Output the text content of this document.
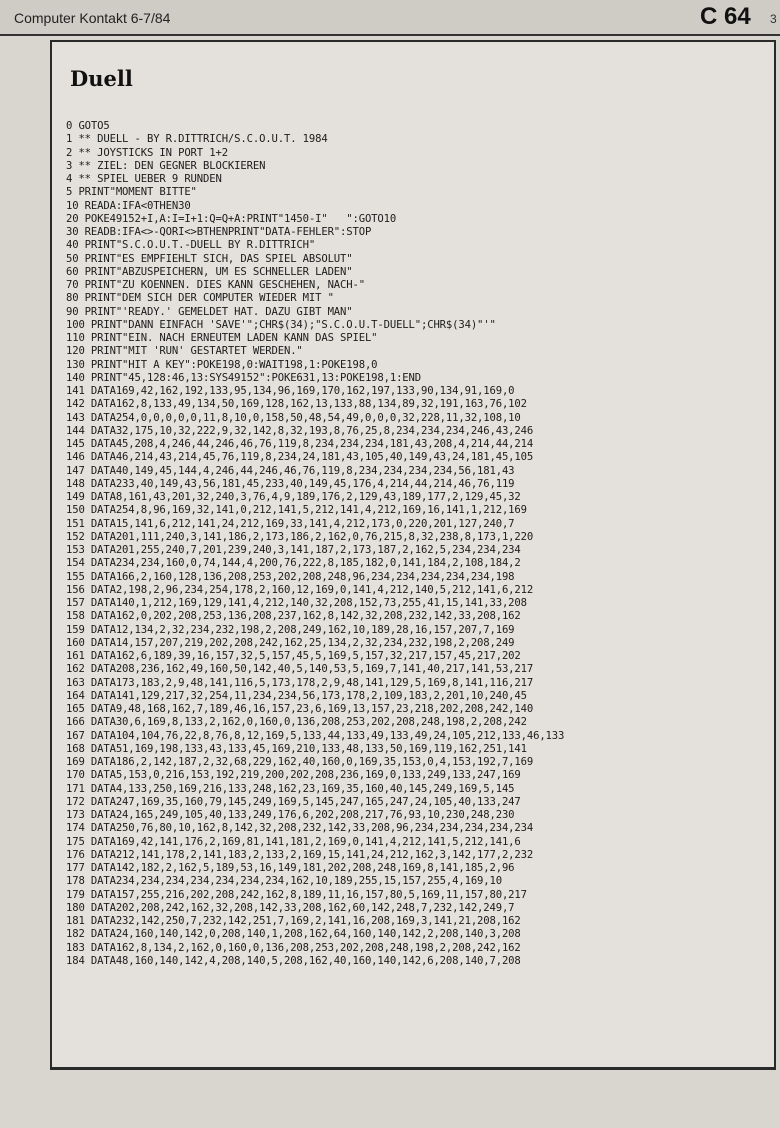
Computer Kontakt 6-7/84	C 64 3
Duell
0 GOTO5
1 ** DUELL - BY R.DITTRICH/S.C.O.U.T. 1984
2 ** JOYSTICKS IN PORT 1+2
3 ** ZIEL: DEN GEGNER BLOCKIEREN
4 ** SPIEL UEBER 9 RUNDEN
5 PRINT"MOMENT BITTE"
10 READA:IFA<0THEN30
20 POKE49152+I,A:I=I+1:Q=Q+A:PRINT"1450-I"   ":GOTO10
30 READB:IFA<>-QORI<>BTHENPRINT"DATA-FEHLER":STOP
40 PRINT"S.C.O.U.T.-DUELL BY R.DITTRICH"
50 PRINT"ES EMPFIEHLT SICH, DAS SPIEL ABSOLUT"
60 PRINT"ABZUSPEICHERN, UM ES SCHNELLER LADEN"
70 PRINT"ZU KOENNEN. DIES KANN GESCHEHEN, NACH-"
80 PRINT"DEM SICH DER COMPUTER WIEDER MIT "
90 PRINT"'READY.' GEMELDET HAT. DAZU GIBT MAN"
100 PRINT"DANN EINFACH 'SAVE'";CHR$(34);"S.C.O.U.T-DUELL";CHR$(34)"'"
110 PRINT"EIN. NACH ERNEUTEM LADEN KANN DAS SPIEL"
120 PRINT"MIT 'RUN' GESTARTET WERDEN."
130 PRINT"HIT A KEY":POKE198,0:WAIT198,1:POKE198,0
140 PRINT"45,128:46,13:SYS49152":POKE631,13:POKE198,1:END
141 DATA169,42,162,192,133,95,134,96,169,170,162,197,133,90,134,91,169,0
142 DATA162,8,133,49,134,50,169,128,162,13,133,88,134,89,32,191,163,76,102
143 DATA254,0,0,0,0,0,11,8,10,0,158,50,48,54,49,0,0,0,32,228,11,32,108,10
144 DATA32,175,10,32,222,9,32,142,8,32,193,8,76,25,8,234,234,234,246,43,246
145 DATA45,208,4,246,44,246,46,76,119,8,234,234,234,181,43,208,4,214,44,214
146 DATA46,214,43,214,45,76,119,8,234,24,181,43,105,40,149,43,24,181,45,105
147 DATA40,149,45,144,4,246,44,246,46,76,119,8,234,234,234,234,56,181,43
148 DATA233,40,149,43,56,181,45,233,40,149,45,176,4,214,44,214,46,76,119
149 DATA8,161,43,201,32,240,3,76,4,9,189,176,2,129,43,189,177,2,129,45,32
150 DATA254,8,96,169,32,141,0,212,141,5,212,141,4,212,169,16,141,1,212,169
151 DATA15,141,6,212,141,24,212,169,33,141,4,212,173,0,220,201,127,240,7
152 DATA201,111,240,3,141,186,2,173,186,2,162,0,76,215,8,32,238,8,173,1,220
153 DATA201,255,240,7,201,239,240,3,141,187,2,173,187,2,162,5,234,234,234
154 DATA234,234,160,0,74,144,4,200,76,222,8,185,182,0,141,184,2,108,184,2
155 DATA166,2,160,128,136,208,253,202,208,248,96,234,234,234,234,234,198
156 DATA2,198,2,96,234,254,178,2,160,12,169,0,141,4,212,140,5,212,141,6,212
157 DATA140,1,212,169,129,141,4,212,140,32,208,152,73,255,41,15,141,33,208
158 DATA162,0,202,208,253,136,208,237,162,8,142,32,208,232,142,33,208,162
159 DATA12,134,2,32,234,232,198,2,208,249,162,10,189,28,16,157,207,7,169
160 DATA14,157,207,219,202,208,242,162,25,134,2,32,234,232,198,2,208,249
161 DATA162,6,189,39,16,157,32,5,157,45,5,169,5,157,32,217,157,45,217,202
162 DATA208,236,162,49,160,50,142,40,5,140,53,5,169,7,141,40,217,141,53,217
163 DATA173,183,2,9,48,141,116,5,173,178,2,9,48,141,129,5,169,8,141,116,217
164 DATA141,129,217,32,254,11,234,234,56,173,178,2,109,183,2,201,10,240,45
165 DATA9,48,168,162,7,189,46,16,157,23,6,169,13,157,23,218,202,208,242,140
166 DATA30,6,169,8,133,2,162,0,160,0,136,208,253,202,208,248,198,2,208,242
167 DATA104,104,76,22,8,76,8,12,169,5,133,44,133,49,133,49,24,105,212,133,46,133
168 DATA51,169,198,133,43,133,45,169,210,133,48,133,50,169,119,162,251,141
169 DATA186,2,142,187,2,32,68,229,162,40,160,0,169,35,153,0,4,153,192,7,169
170 DATA5,153,0,216,153,192,219,200,202,208,236,169,0,133,249,133,247,169
171 DATA4,133,250,169,216,133,248,162,23,169,35,160,40,145,249,169,5,145
172 DATA247,169,35,160,79,145,249,169,5,145,247,165,247,24,105,40,133,247
173 DATA24,165,249,105,40,133,249,176,6,202,208,217,76,93,10,230,248,230
174 DATA250,76,80,10,162,8,142,32,208,232,142,33,208,96,234,234,234,234,234
175 DATA169,42,141,176,2,169,81,141,181,2,169,0,141,4,212,141,5,212,141,6
176 DATA212,141,178,2,141,183,2,133,2,169,15,141,24,212,162,3,142,177,2,232
177 DATA142,182,2,162,5,189,53,16,149,181,202,208,248,169,8,141,185,2,96
178 DATA234,234,234,234,234,234,234,162,10,189,255,15,157,255,4,169,10
179 DATA157,255,216,202,208,242,162,8,189,11,16,157,80,5,169,11,157,80,217
180 DATA202,208,242,162,32,208,142,33,208,162,60,142,248,7,232,142,249,7
181 DATA232,142,250,7,232,142,251,7,169,2,141,16,208,169,3,141,21,208,162
182 DATA24,160,140,142,0,208,140,1,208,162,64,160,140,142,2,208,140,3,208
183 DATA162,8,134,2,162,0,160,0,136,208,253,202,208,248,198,2,208,242,162
184 DATA48,160,140,142,4,208,140,5,208,162,40,160,140,142,6,208,140,7,208
